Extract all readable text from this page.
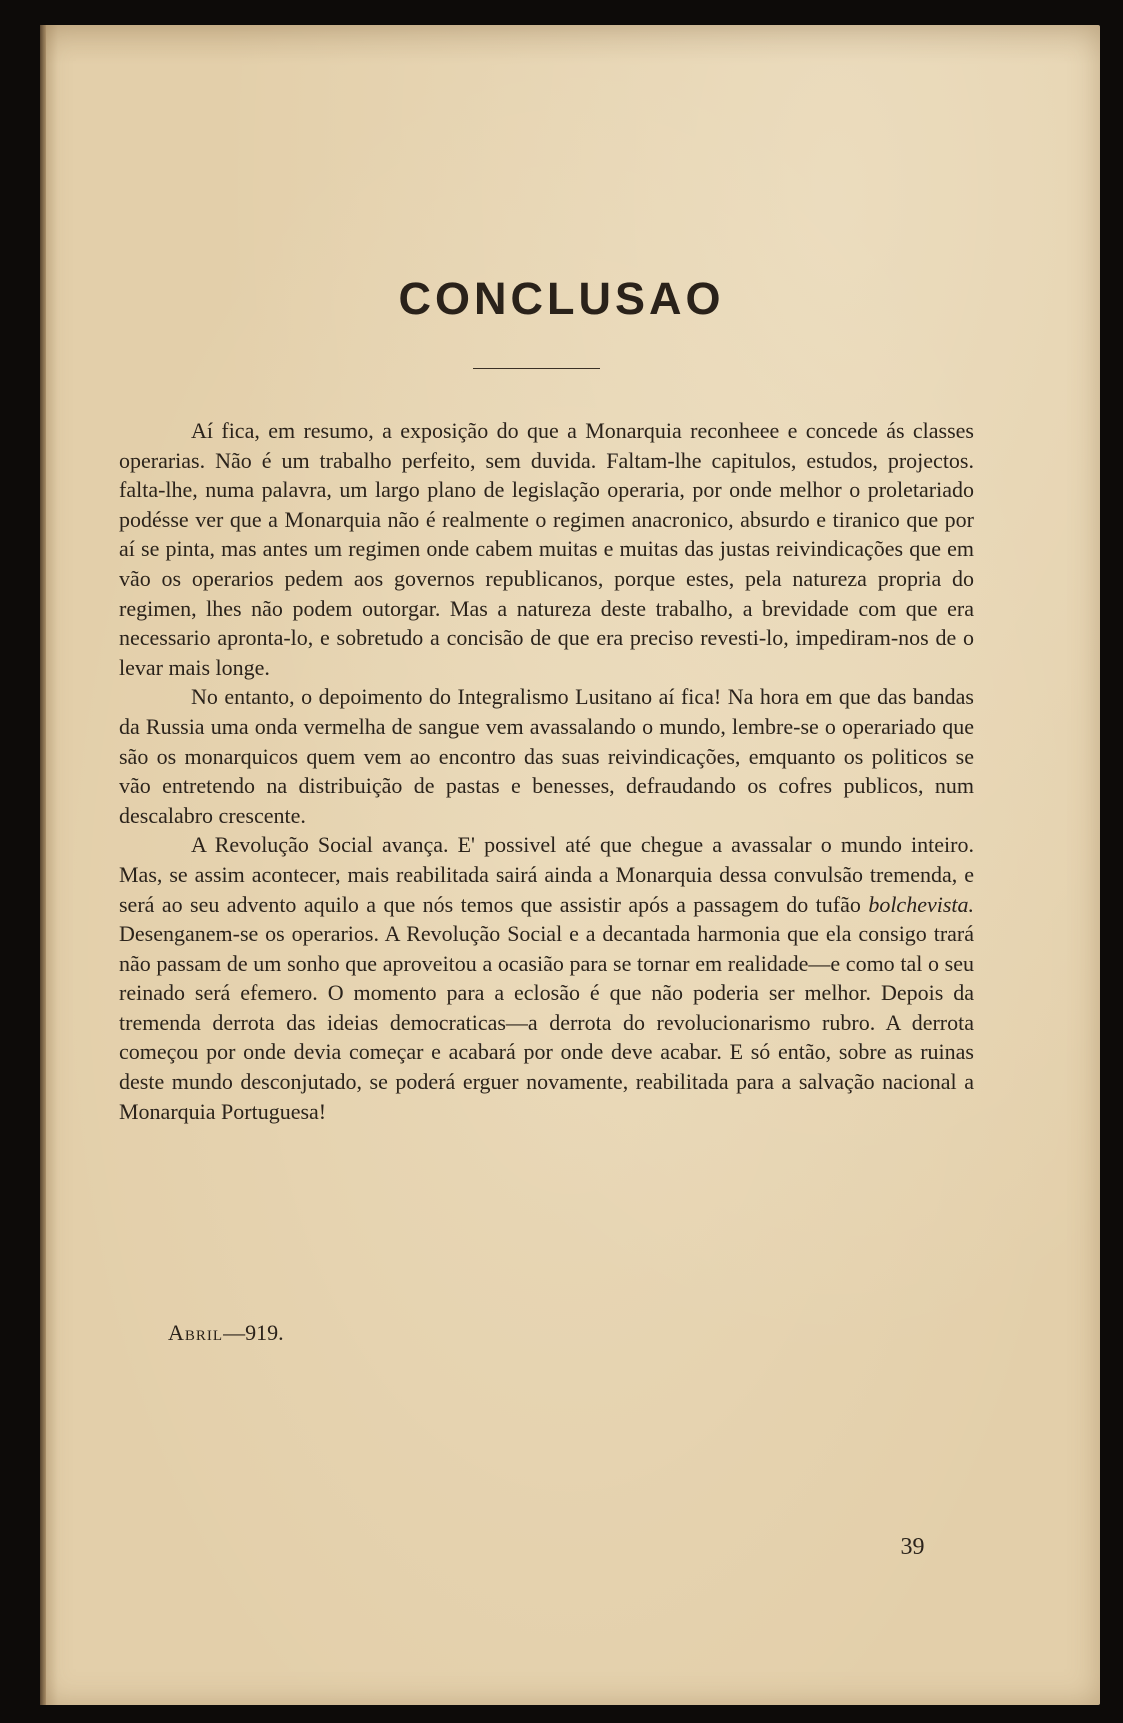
CONCLUSAO

Aí fica, em resumo, a exposição do que a Monarquia reconheee e concede ás classes operarias. Não é um trabalho perfeito, sem duvida. Faltam-lhe capitulos, estudos, projectos. falta-lhe, numa palavra, um largo plano de legislação operaria, por onde melhor o proletariado podésse ver que a Monarquia não é realmente o regimen anacronico, absurdo e tiranico que por aí se pinta, mas antes um regimen onde cabem muitas e muitas das justas reivindicações que em vão os operarios pedem aos governos republicanos, porque estes, pela natureza propria do regimen, lhes não podem outorgar. Mas a natureza deste trabalho, a brevidade com que era necessario apronta-lo, e sobretudo a concisão de que era preciso revesti-lo, impediram-nos de o levar mais longe.

No entanto, o depoimento do Integralismo Lusitano aí fica! Na hora em que das bandas da Russia uma onda vermelha de sangue vem avassalando o mundo, lembre-se o operariado que são os monarquicos quem vem ao encontro das suas reivindicações, emquanto os politicos se vão entretendo na distribuição de pastas e benesses, defraudando os cofres publicos, num descalabro crescente.

A Revolução Social avança. E' possivel até que chegue a avassalar o mundo inteiro. Mas, se assim acontecer, mais reabilitada sairá ainda a Monarquia dessa convulsão tremenda, e será ao seu advento aquilo a que nós temos que assistir após a passagem do tufão bolchevista. Desenganem-se os operarios. A Revolução Social e a decantada harmonia que ela consigo trará não passam de um sonho que aproveitou a ocasião para se tornar em realidade—e como tal o seu reinado será efemero. O momento para a eclosão é que não poderia ser melhor. Depois da tremenda derrota das ideias democraticas—a derrota do revolucionarismo rubro. A derrota começou por onde devia começar e acabará por onde deve acabar. E só então, sobre as ruinas deste mundo desconjutado, se poderá erguer novamente, reabilitada para a salvação nacional a Monarquia Portuguesa!

Abril—919.
39
